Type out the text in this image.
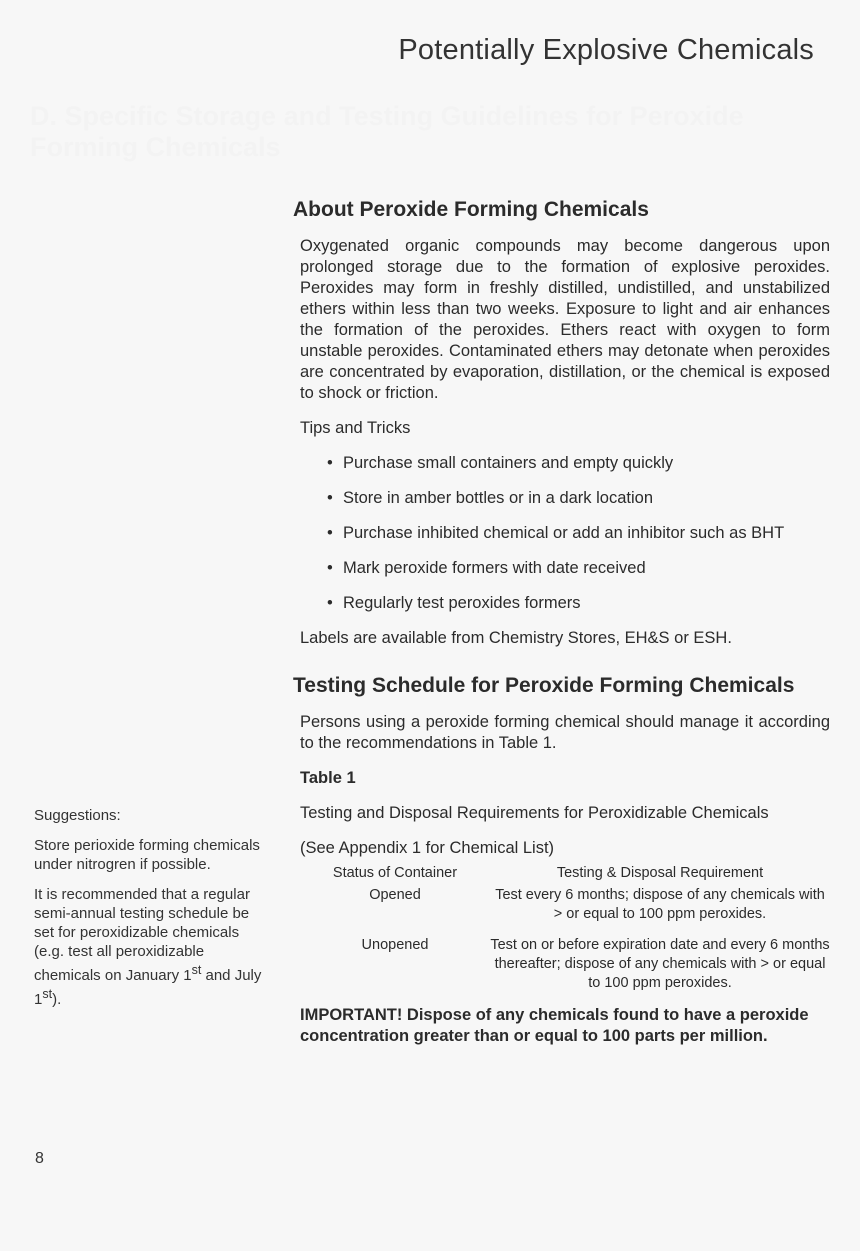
Potentially Explosive Chemicals
D. Specific Storage and Testing Guidelines for Peroxide Forming Chemicals

Suggestions:

Store perioxide forming chemicals under nitrogren if possible.

It is recommended that a regular semi-annual testing schedule be set for peroxidizable chemicals (e.g. test all peroxidizable chemicals on January 1st and July 1st).

8
About Peroxide Forming Chemicals

Oxygenated organic compounds may become dangerous upon prolonged storage due to the formation of explosive peroxides. Peroxides may form in freshly distilled, undistilled, and unstabilized ethers within less than two weeks. Exposure to light and air enhances the formation of the peroxides. Ethers react with oxygen to form unstable peroxides. Contaminated ethers may detonate when peroxides are concentrated by evaporation, distillation, or the chemical is exposed to shock or friction.

Tips and Tricks

• Purchase small containers and empty quickly
• Store in amber bottles or in a dark location
• Purchase inhibited chemical or add an inhibitor such as BHT
• Mark peroxide formers with date received
• Regularly test peroxides formers

Labels are available from Chemistry Stores, EH&S or ESH.

Testing Schedule for Peroxide Forming Chemicals

Persons using a peroxide forming chemical should manage it according to the recommendations in Table 1.

Table 1

Testing and Disposal Requirements for Peroxidizable Chemicals

(See Appendix 1 for Chemical List)

Status of Container	Testing & Disposal Requirement
Opened	Test every 6 months; dispose of any chemicals with > or equal to 100 ppm peroxides.

Unopened	Test on or before expiration date and every 6 months thereafter; dispose of any chemicals with > or equal to 100 ppm peroxides.

IMPORTANT! Dispose of any chemicals found to have a peroxide concentration greater than or equal to 100 parts per million.
